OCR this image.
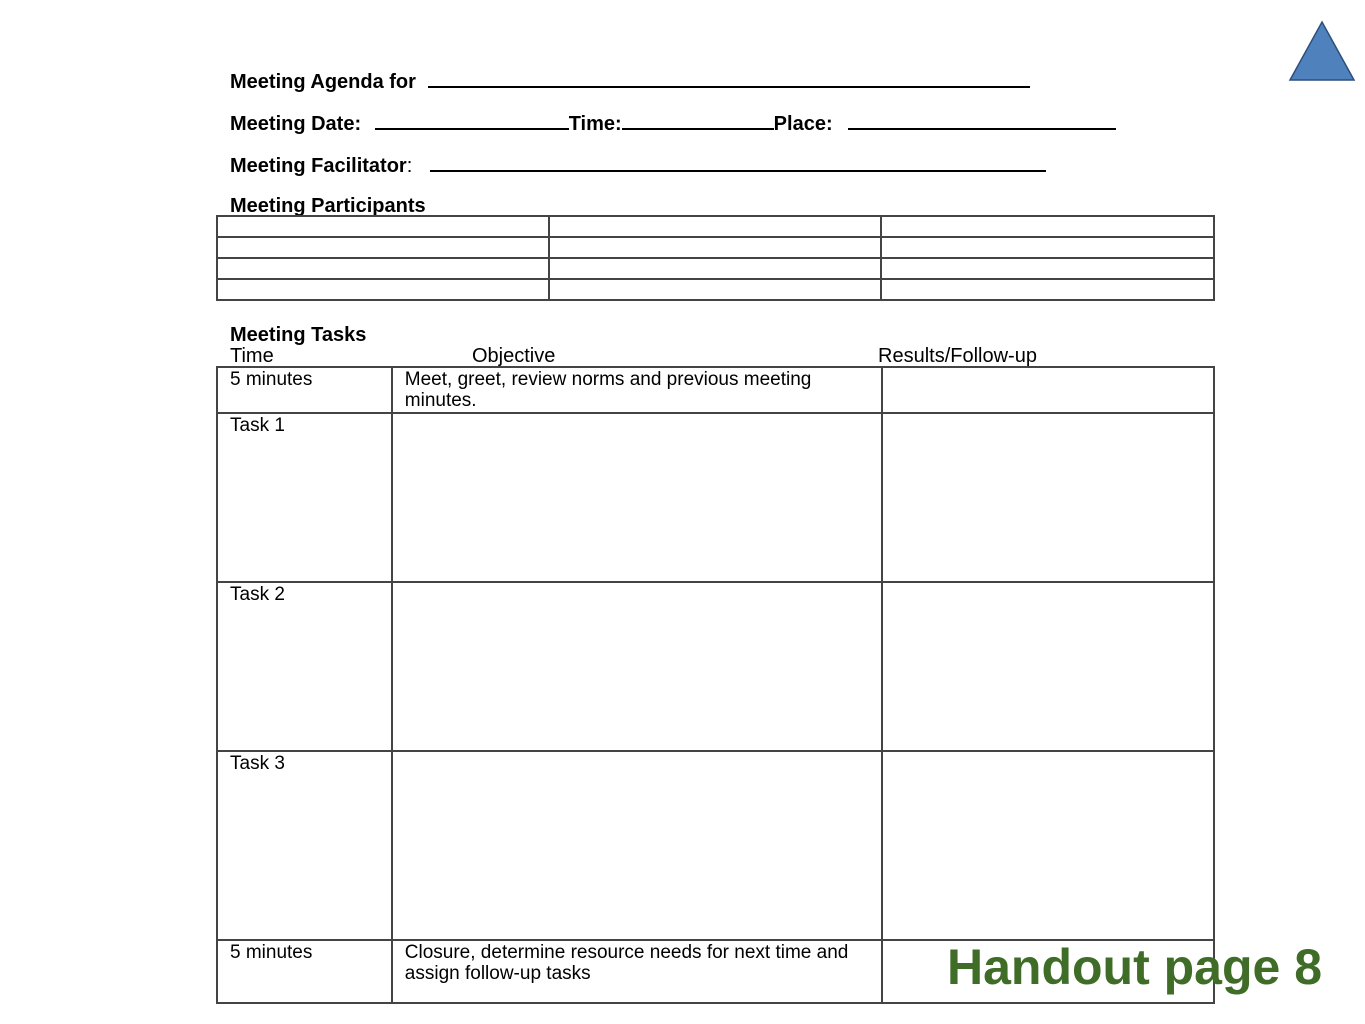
Meeting Agenda for
Meeting Date:	Time:	Place:
Meeting Facilitator:
Meeting Participants

Meeting Tasks
Time	Objective	Results/Follow-up
5 minutes	Meet, greet, review norms and previous meeting minutes.	
Task 1		
Task 2		
Task 3		
5 minutes	Closure, determine resource needs for next time and assign follow-up tasks		Handout page 8
